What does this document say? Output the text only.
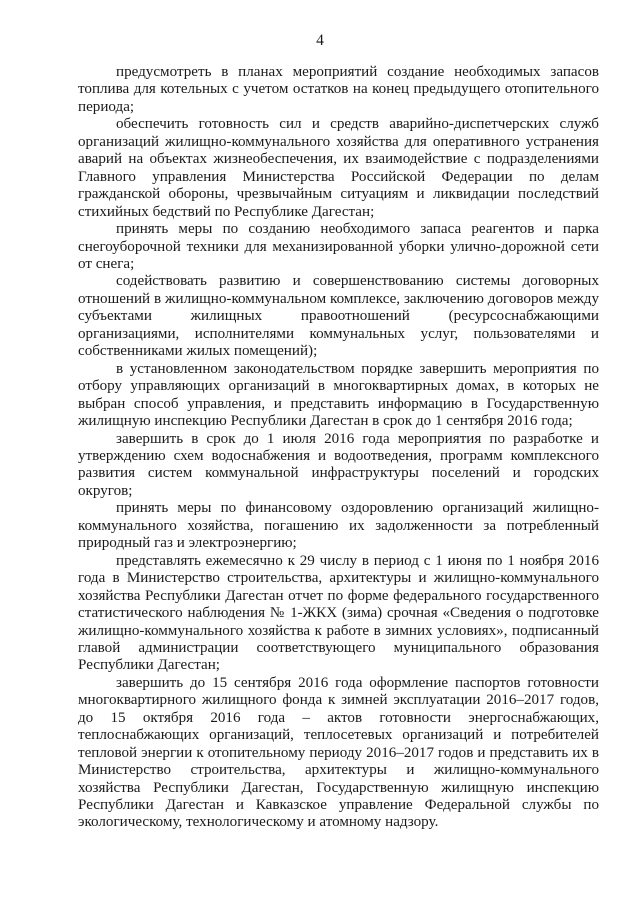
4

предусмотреть в планах мероприятий создание необходимых запасов топлива для котельных с учетом остатков на конец предыдущего отопительного периода;

обеспечить готовность сил и средств аварийно-диспетчерских служб организаций жилищно-коммунального хозяйства для оперативного устранения аварий на объектах жизнеобеспечения, их взаимодействие с подразделениями Главного управления Министерства Российской Федерации по делам гражданской обороны, чрезвычайным ситуациям и ликвидации последствий стихийных бедствий по Республике Дагестан;

принять меры по созданию необходимого запаса реагентов и парка снегоуборочной техники для механизированной уборки улично-дорожной сети от снега;

содействовать развитию и совершенствованию системы договорных отношений в жилищно-коммунальном комплексе, заключению договоров между субъектами жилищных правоотношений (ресурсоснабжающими организациями, исполнителями коммунальных услуг, пользователями и собственниками жилых помещений);

в установленном законодательством порядке завершить мероприятия по отбору управляющих организаций в многоквартирных домах, в которых не выбран способ управления, и представить информацию в Государственную жилищную инспекцию Республики Дагестан в срок до 1 сентября 2016 года;

завершить в срок до 1 июля 2016 года мероприятия по разработке и утверждению схем водоснабжения и водоотведения, программ комплексного развития систем коммунальной инфраструктуры поселений и городских округов;

принять меры по финансовому оздоровлению организаций жилищно-коммунального хозяйства, погашению их задолженности за потребленный природный газ и электроэнергию;

представлять ежемесячно к 29 числу в период с 1 июня по 1 ноября 2016 года в Министерство строительства, архитектуры и жилищно-коммунального хозяйства Республики Дагестан отчет по форме федерального государственного статистического наблюдения № 1-ЖКХ (зима) срочная «Сведения о подготовке жилищно-коммунального хозяйства к работе в зимних условиях», подписанный главой администрации соответствующего муниципального образования Республики Дагестан;

завершить до 15 сентября 2016 года оформление паспортов готовности многоквартирного жилищного фонда к зимней эксплуатации 2016–2017 годов, до 15 октября 2016 года – актов готовности энергоснабжающих, теплоснабжающих организаций, теплосетевых организаций и потребителей тепловой энергии к отопительному периоду 2016–2017 годов и представить их в Министерство строительства, архитектуры и жилищно-коммунального хозяйства Республики Дагестан, Государственную жилищную инспекцию Республики Дагестан и Кавказское управление Федеральной службы по экологическому, технологическому и атомному надзору.
